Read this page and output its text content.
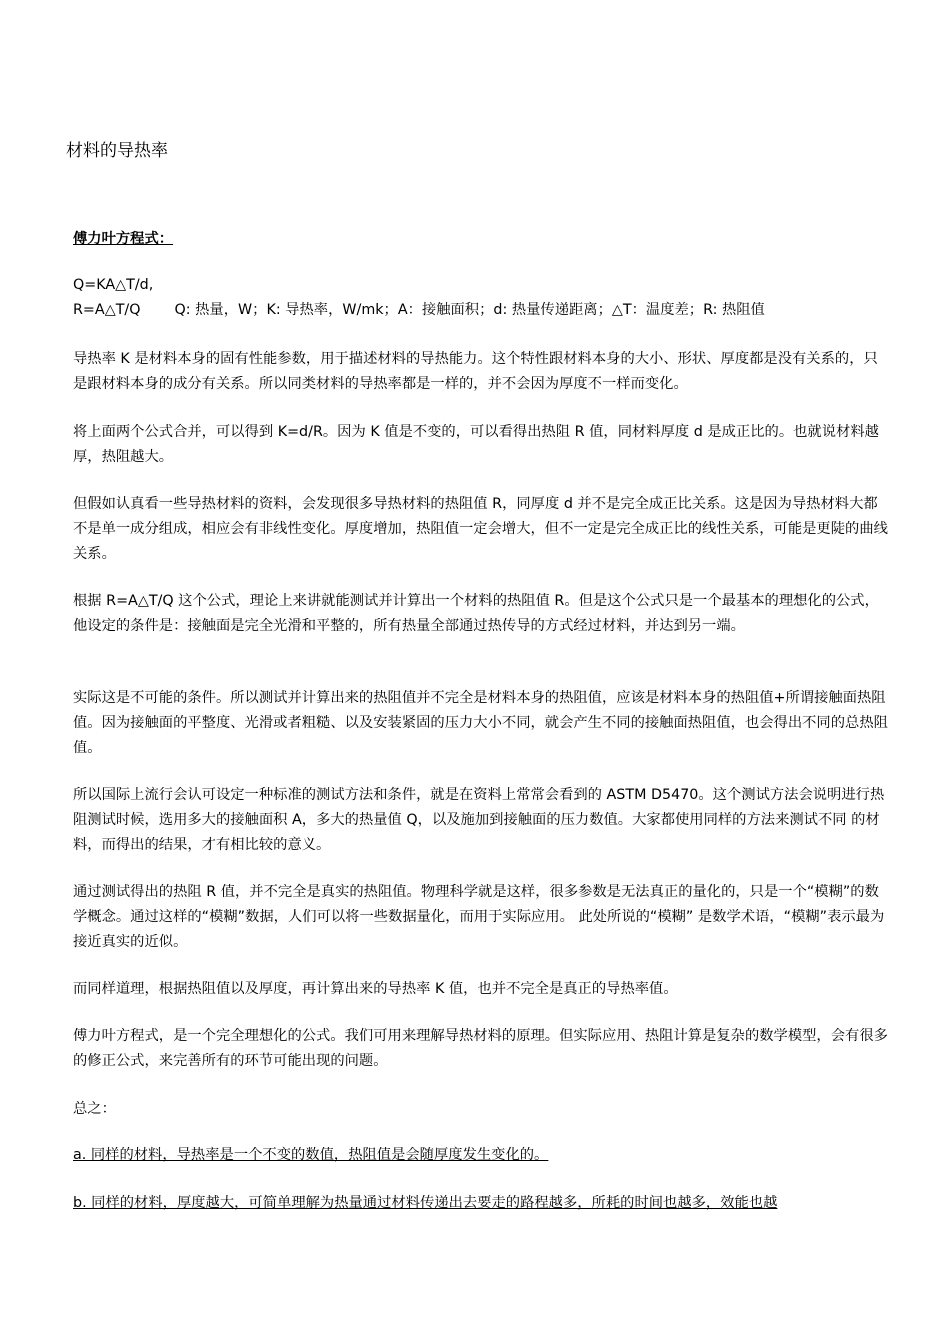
材料的导热率

傅力叶方程式：

Q=KA△T/d,
R=A△T/Q Q: 热量，W；K: 导热率，W/mk；A：接触面积；d: 热量传递距离；△T：温度差；R: 热阻值

导热率 K 是材料本身的固有性能参数，用于描述材料的导热能力。这个特性跟材料本身的大小、形状、厚度都是没有关系的，只是跟材料本身的成分有关系。所以同类材料的导热率都是一样的，并不会因为厚度不一样而变化。

将上面两个公式合并，可以得到 K=d/R。因为 K 值是不变的，可以看得出热阻 R 值，同材料厚度 d 是成正比的。也就说材料越厚，热阻越大。

但假如认真看一些导热材料的资料，会发现很多导热材料的热阻值 R，同厚度 d 并不是完全成正比关系。这是因为导热材料大都不是单一成分组成，相应会有非线性变化。厚度增加，热阻值一定会增大，但不一定是完全成正比的线性关系，可能是更陡的曲线关系。

根据 R=A△T/Q 这个公式，理论上来讲就能测试并计算出一个材料的热阻值 R。但是这个公式只是一个最基本的理想化的公式，他设定的条件是：接触面是完全光滑和平整的，所有热量全部通过热传导的方式经过材料，并达到另一端。

实际这是不可能的条件。所以测试并计算出来的热阻值并不完全是材料本身的热阻值，应该是材料本身的热阻值+所谓接触面热阻值。因为接触面的平整度、光滑或者粗糙、以及安装紧固的压力大小不同，就会产生不同的接触面热阻值，也会得出不同的总热阻值。

所以国际上流行会认可设定一种标准的测试方法和条件，就是在资料上常常会看到的 ASTM D5470。这个测试方法会说明进行热阻测试时候，选用多大的接触面积 A，多大的热量值 Q，以及施加到接触面的压力数值。大家都使用同样的方法来测试不同 的材料，而得出的结果，才有相比较的意义。

通过测试得出的热阻 R 值，并不完全是真实的热阻值。物理科学就是这样，很多参数是无法真正的量化的，只是一个“模糊”的数学概念。通过这样的“模糊”数据，人们可以将一些数据量化，而用于实际应用。 此处所说的“模糊” 是数学术语，“模糊”表示最为接近真实的近似。

而同样道理，根据热阻值以及厚度，再计算出来的导热率 K 值，也并不完全是真正的导热率值。

傅力叶方程式，是一个完全理想化的公式。我们可用来理解导热材料的原理。但实际应用、热阻计算是复杂的数学模型，会有很多的修正公式，来完善所有的环节可能出现的问题。

总之：

a. 同样的材料，导热率是一个不变的数值，热阻值是会随厚度发生变化的。

b. 同样的材料，厚度越大，可简单理解为热量通过材料传递出去要走的路程越多，所耗的时间也越多，效能也越
